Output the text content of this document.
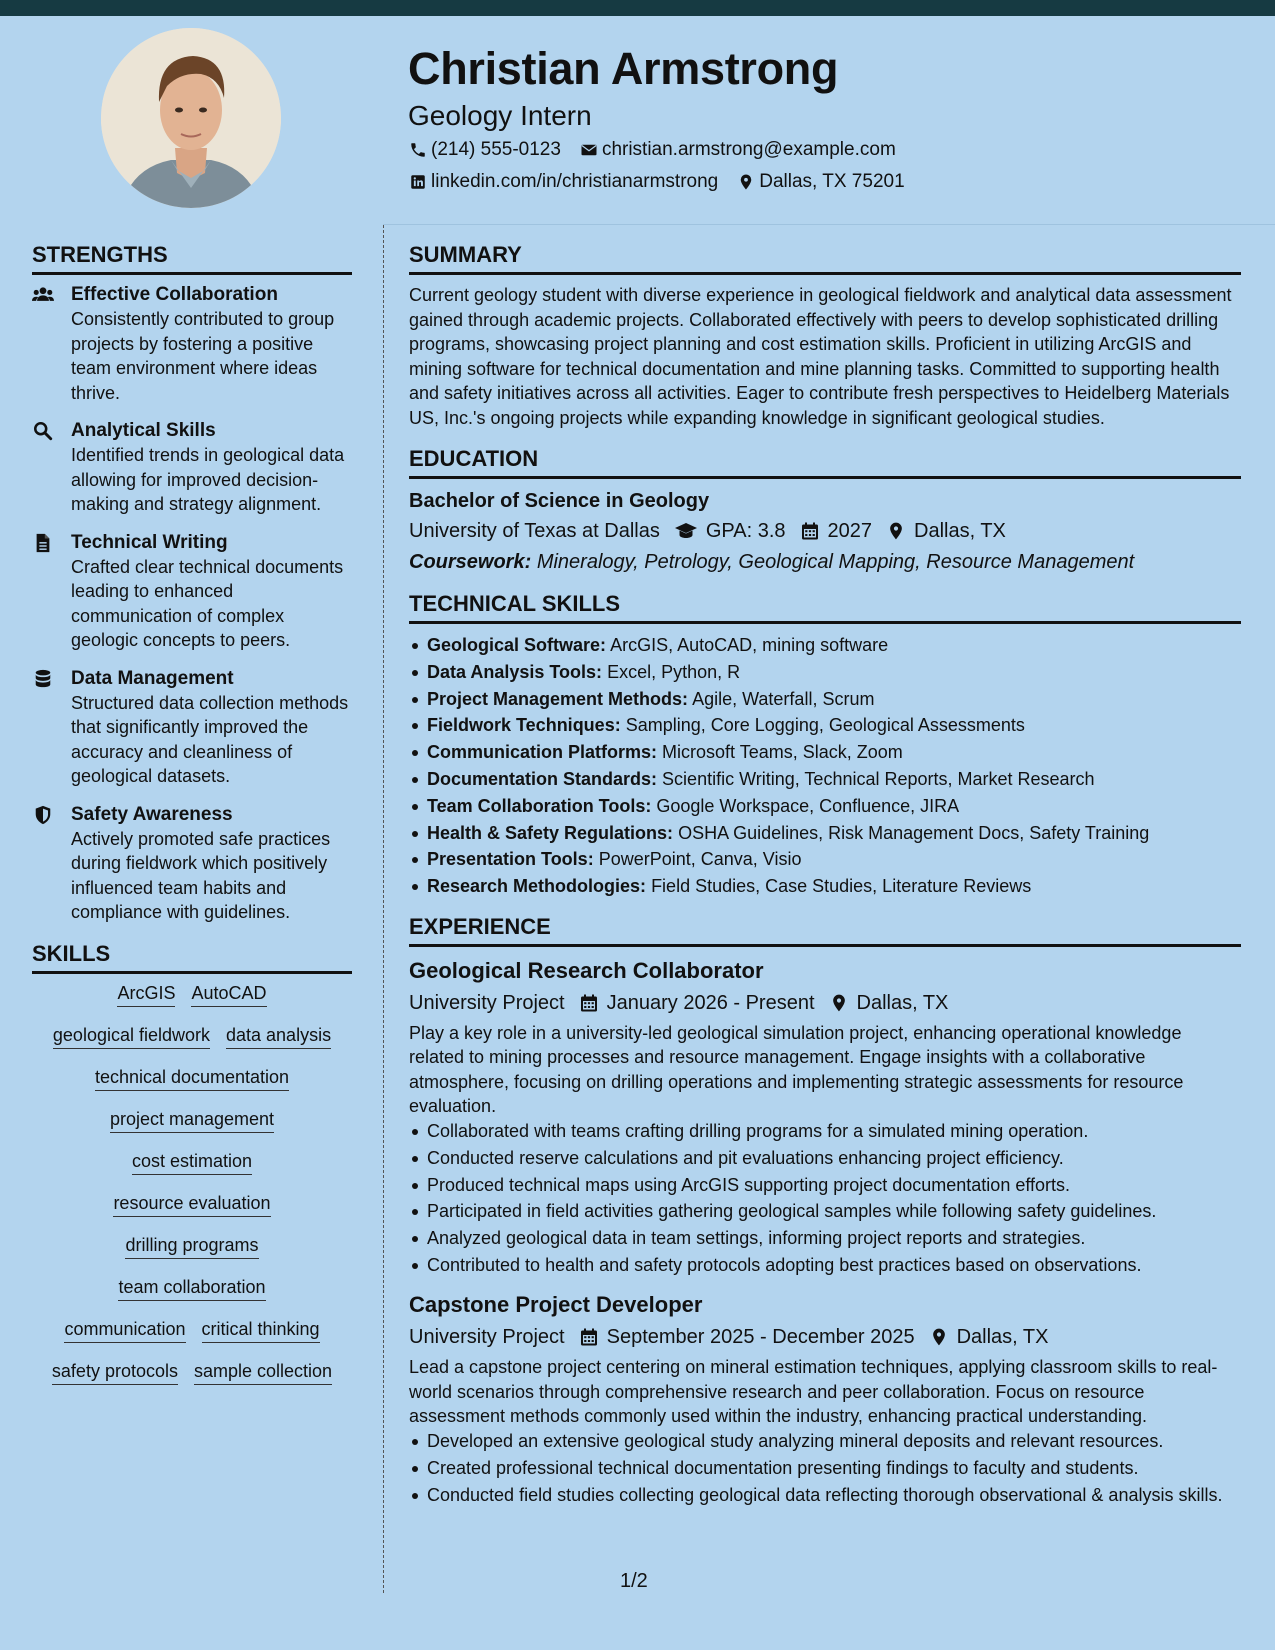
Christian Armstrong
Geology Intern
(214) 555-0123 christian.armstrong@example.com
linkedin.com/in/christianarmstrong Dallas, TX 75201
STRENGTHS
Effective Collaboration
Consistently contributed to group projects by fostering a positive team environment where ideas thrive.
Analytical Skills
Identified trends in geological data allowing for improved decision-making and strategy alignment.
Technical Writing
Crafted clear technical documents leading to enhanced communication of complex geologic concepts to peers.
Data Management
Structured data collection methods that significantly improved the accuracy and cleanliness of geological datasets.
Safety Awareness
Actively promoted safe practices during fieldwork which positively influenced team habits and compliance with guidelines.
SKILLS
ArcGIS AutoCAD
geological fieldwork data analysis
technical documentation
project management
cost estimation
resource evaluation
drilling programs
team collaboration
communication critical thinking
safety protocols sample collection
SUMMARY
Current geology student with diverse experience in geological fieldwork and analytical data assessment gained through academic projects. Collaborated effectively with peers to develop sophisticated drilling programs, showcasing project planning and cost estimation skills. Proficient in utilizing ArcGIS and mining software for technical documentation and mine planning tasks. Committed to supporting health and safety initiatives across all activities. Eager to contribute fresh perspectives to Heidelberg Materials US, Inc.'s ongoing projects while expanding knowledge in significant geological studies.
EDUCATION
Bachelor of Science in Geology
University of Texas at Dallas GPA: 3.8 2027 Dallas, TX
Coursework: Mineralogy, Petrology, Geological Mapping, Resource Management
TECHNICAL SKILLS
Geological Software: ArcGIS, AutoCAD, mining software
Data Analysis Tools: Excel, Python, R
Project Management Methods: Agile, Waterfall, Scrum
Fieldwork Techniques: Sampling, Core Logging, Geological Assessments
Communication Platforms: Microsoft Teams, Slack, Zoom
Documentation Standards: Scientific Writing, Technical Reports, Market Research
Team Collaboration Tools: Google Workspace, Confluence, JIRA
Health & Safety Regulations: OSHA Guidelines, Risk Management Docs, Safety Training
Presentation Tools: PowerPoint, Canva, Visio
Research Methodologies: Field Studies, Case Studies, Literature Reviews
EXPERIENCE
Geological Research Collaborator
University Project January 2026 - Present Dallas, TX
Play a key role in a university-led geological simulation project, enhancing operational knowledge related to mining processes and resource management. Engage insights with a collaborative atmosphere, focusing on drilling operations and implementing strategic assessments for resource evaluation.
Collaborated with teams crafting drilling programs for a simulated mining operation.
Conducted reserve calculations and pit evaluations enhancing project efficiency.
Produced technical maps using ArcGIS supporting project documentation efforts.
Participated in field activities gathering geological samples while following safety guidelines.
Analyzed geological data in team settings, informing project reports and strategies.
Contributed to health and safety protocols adopting best practices based on observations.
Capstone Project Developer
University Project September 2025 - December 2025 Dallas, TX
Lead a capstone project centering on mineral estimation techniques, applying classroom skills to real-world scenarios through comprehensive research and peer collaboration. Focus on resource assessment methods commonly used within the industry, enhancing practical understanding.
Developed an extensive geological study analyzing mineral deposits and relevant resources.
Created professional technical documentation presenting findings to faculty and students.
Conducted field studies collecting geological data reflecting thorough observational & analysis skills.
1/2
